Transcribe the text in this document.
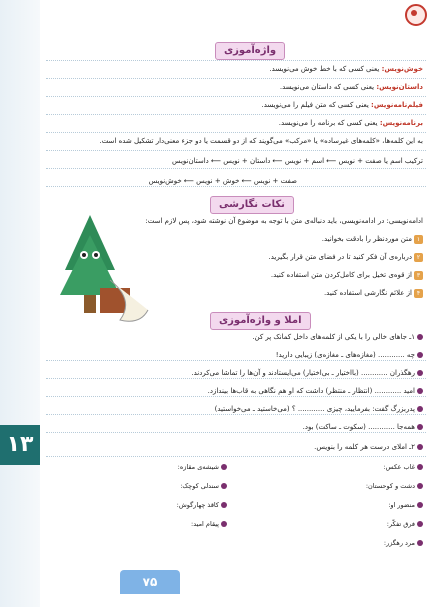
واژه‌آموزی
خوش‌نویس: یعنی کسی که با خط خوش می‌نویسد.
داستان‌نویس: یعنی کسی که داستان می‌نویسد.
فیلم‌نامه‌نویس: یعنی کسی که متن فیلم را می‌نویسد.
برنامه‌نویس: یعنی کسی که برنامه را می‌نویسد.
به این کلمه‌ها، «کلمه‌های غیرساده» یا «مرکب» می‌گویند که از دو قسمت یا دو جزء معنی‌دار تشکیل شده است.
ترکیب اسم یا صفت + نویس ⟵ اسم + نویس ⟵ داستان + نویس ⟵ داستان‌نویس
صفت + نویس ⟵ خوش + نویس ⟵ خوش‌نویس
نکات نگارشی
ادامه‌نویسی: در ادامه‌نویسی، باید دنباله‌ی متن با توجه به موضوع آن نوشته شود، پس لازم است:
۱متن موردنظر را بادقت بخوانید.
۲درباره‌ی آن فکر کنید تا در فضای متن قرار بگیرید.
۳از قوه‌ی تخیل برای کامل‌کردن متن استفاده کنید.
۴از علائم نگارشی استفاده کنید.
املا و واژه‌آموزی
۱ـ جاهای خالی را با یکی از کلمه‌های داخل کمانک پر کن.
چه ............ (مغازه‌های ـ مغازه‌ی) زیبایی دارید!
رهگذران ............ (بااختیار ـ بی‌اختیار) می‌ایستادند و آن‌ها را تماشا می‌کردند.
امید ............ (انتظار ـ منتظر) داشت که او هم نگاهی به قاب‌ها بیندازد.
پدربزرگ گفت: بفرمایید، چیزی ............ ؟ (می‌خاستید ـ می‌خواستید)
همه‌جا ............ (سکوت ـ ساکت) بود.
۲ـ املای درست هر کلمه را بنویس.
غاب عکس:
دشت و کوحستان:
منضور او:
فرق تفکّر:
مرد رهگزر:
شیشه‌ی مقازه:
سندلی کوچک:
کاقذ چهارگوش:
پیقام امید:
۱۳
۷۵
